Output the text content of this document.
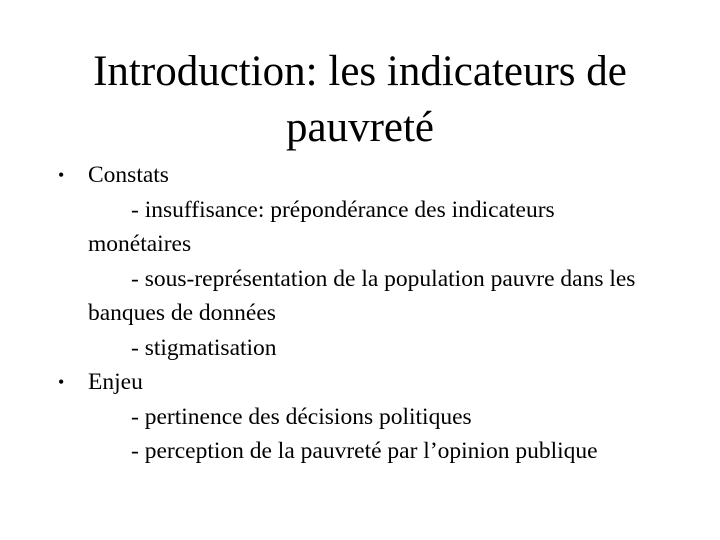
Introduction: les indicateurs de
pauvreté
• Constats
- insuffisance: prépondérance des indicateurs monétaires
- sous-représentation de la population pauvre dans les banques de données
- stigmatisation
• Enjeu
- pertinence des décisions politiques
- perception de la pauvreté par l’opinion publique
